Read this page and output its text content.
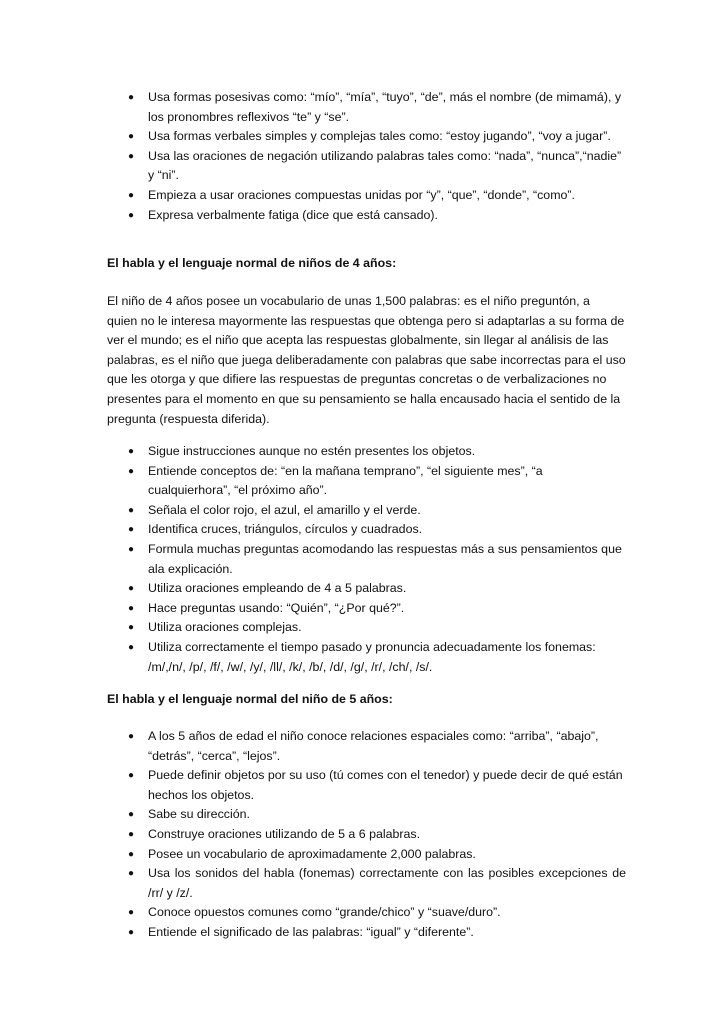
● Usa formas posesivas como: “mío”, “mía”, “tuyo”, “de”, más el nombre (de mimamá), y los pronombres reflexivos “te” y “se”.
● Usa formas verbales simples y complejas tales como: “estoy jugando”, “voy a jugar”.
● Usa las oraciones de negación utilizando palabras tales como: “nada”, “nunca”,“nadie” y “ni”.
● Empieza a usar oraciones compuestas unidas por “y”, “que”, “donde”, “como”.
● Expresa verbalmente fatiga (dice que está cansado).

El habla y el lenguaje normal de niños de 4 años:

El niño de 4 años posee un vocabulario de unas 1,500 palabras: es el niño preguntón, a
quien no le interesa mayormente las respuestas que obtenga pero si adaptarlas a su forma de
ver el mundo; es el niño que acepta las respuestas globalmente, sin llegar al análisis de las
palabras, es el niño que juega deliberadamente con palabras que sabe incorrectas para el uso
que les otorga y que difiere las respuestas de preguntas concretas o de verbalizaciones no
presentes para el momento en que su pensamiento se halla encausado hacia el sentido de la
pregunta (respuesta diferida).
● Sigue instrucciones aunque no estén presentes los objetos.
● Entiende conceptos de: “en la mañana temprano”, “el siguiente mes”, “a cualquierhora”, “el próximo año”.
● Señala el color rojo, el azul, el amarillo y el verde.
● Identifica cruces, triángulos, círculos y cuadrados.
● Formula muchas preguntas acomodando las respuestas más a sus pensamientos que ala explicación.
● Utiliza oraciones empleando de 4 a 5 palabras.
● Hace preguntas usando: “Quién”, “¿Por qué?”.
● Utiliza oraciones complejas.
● Utiliza correctamente el tiempo pasado y pronuncia adecuadamente los fonemas: /m/,/n/, /p/, /f/, /w/, /y/, /ll/, /k/, /b/, /d/, /g/, /r/, /ch/, /s/.

El habla y el lenguaje normal del niño de 5 años:

● A los 5 años de edad el niño conoce relaciones espaciales como: “arriba”, “abajo”, “detrás”, “cerca”, “lejos”.
● Puede definir objetos por su uso (tú comes con el tenedor) y puede decir de qué están hechos los objetos.
● Sabe su dirección.
● Construye oraciones utilizando de 5 a 6 palabras.
● Posee un vocabulario de aproximadamente 2,000 palabras.
● Usa los sonidos del habla (fonemas) correctamente con las posibles excepciones de /rr/ y /z/.
● Conoce opuestos comunes como “grande/chico” y “suave/duro”.
● Entiende el significado de las palabras: “igual” y “diferente”.
